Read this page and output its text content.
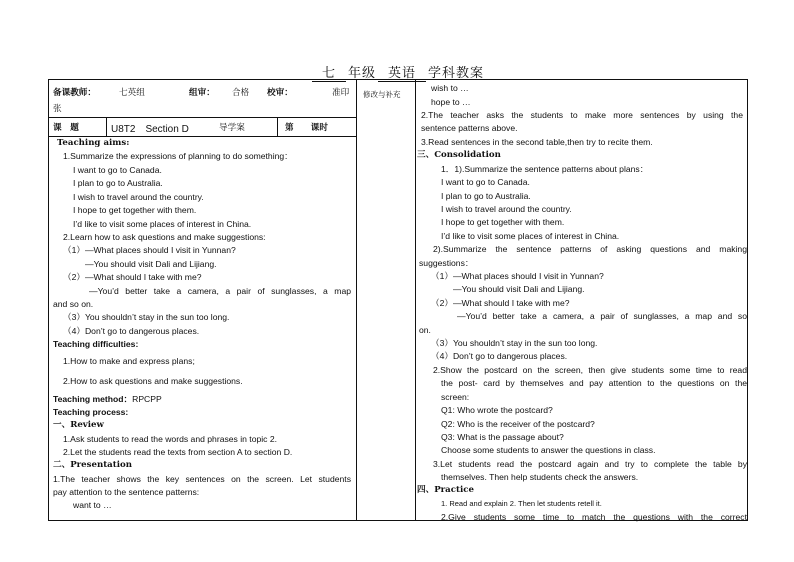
七 年级 英语 学科教案
备课教师：	七英组	组审： 合格 校审：	准印
张
课　题	U8T2　Section D	导学案	第　　课时
修改与补充
Teaching aims:
1.Summarize the expressions of planning to do something：
I want to go to Canada.
I plan to go to Australia.
I wish to travel around the country.
I hope to get together with them.
I’d like to visit some places of interest in China.
2.Learn how to ask questions and make suggestions:
（1）—What places should I visit in Yunnan?
—You should visit Dali and Lijiang.
（2）—What should I take with me?
—You’d better take a camera, a pair of sunglasses, a map
and so on.
（3）You shouldn’t stay in the sun too long.
（4）Don’t go to dangerous places.
Teaching difficulties:
1.How to make and express plans;
2.How to ask questions and make suggestions.
Teaching method：RPCPP
Teaching process:
一、Review
1.Ask students to read the words and phrases in topic 2.
2.Let the students read the texts from section A to section D.
二、Presentation
1.The teacher shows the key sentences on the screen. Let students
pay attention to the sentence patterns:
want to …
wish to …
hope to …
2.The teacher asks the students to make more sentences by using the
sentence patterns above.
3.Read sentences in the second table,then try to recite them.
三、Consolidation
1．1).Summarize the sentence patterns about plans：
I want to go to Canada.
I plan to go to Australia.
I wish to travel around the country.
I hope to get together with them.
I’d like to visit some places of interest in China.
2).Summarize the sentence patterns of asking questions and making
suggestions：
（1）—What places should I visit in Yunnan?
—You should visit Dali and Lijiang.
（2）—What should I take with me?
—You’d better take a camera, a pair of sunglasses, a map and so
on.
（3）You shouldn’t stay in the sun too long.
（4）Don’t go to dangerous places.
2.Show the postcard on the screen, then give students some time to read
the post- card by themselves and pay attention to the questions on the
screen:
Q1: Who wrote the postcard?
Q2: Who is the receiver of the postcard?
Q3: What is the passage about?
Choose some students to answer the questions in class.
3.Let students read the postcard again and try to complete the table by
themselves. Then help students check the answers.
四、Practice
1. Read and explain 2. Then let students retell it.
2.Give students some time to match the questions with the correct
